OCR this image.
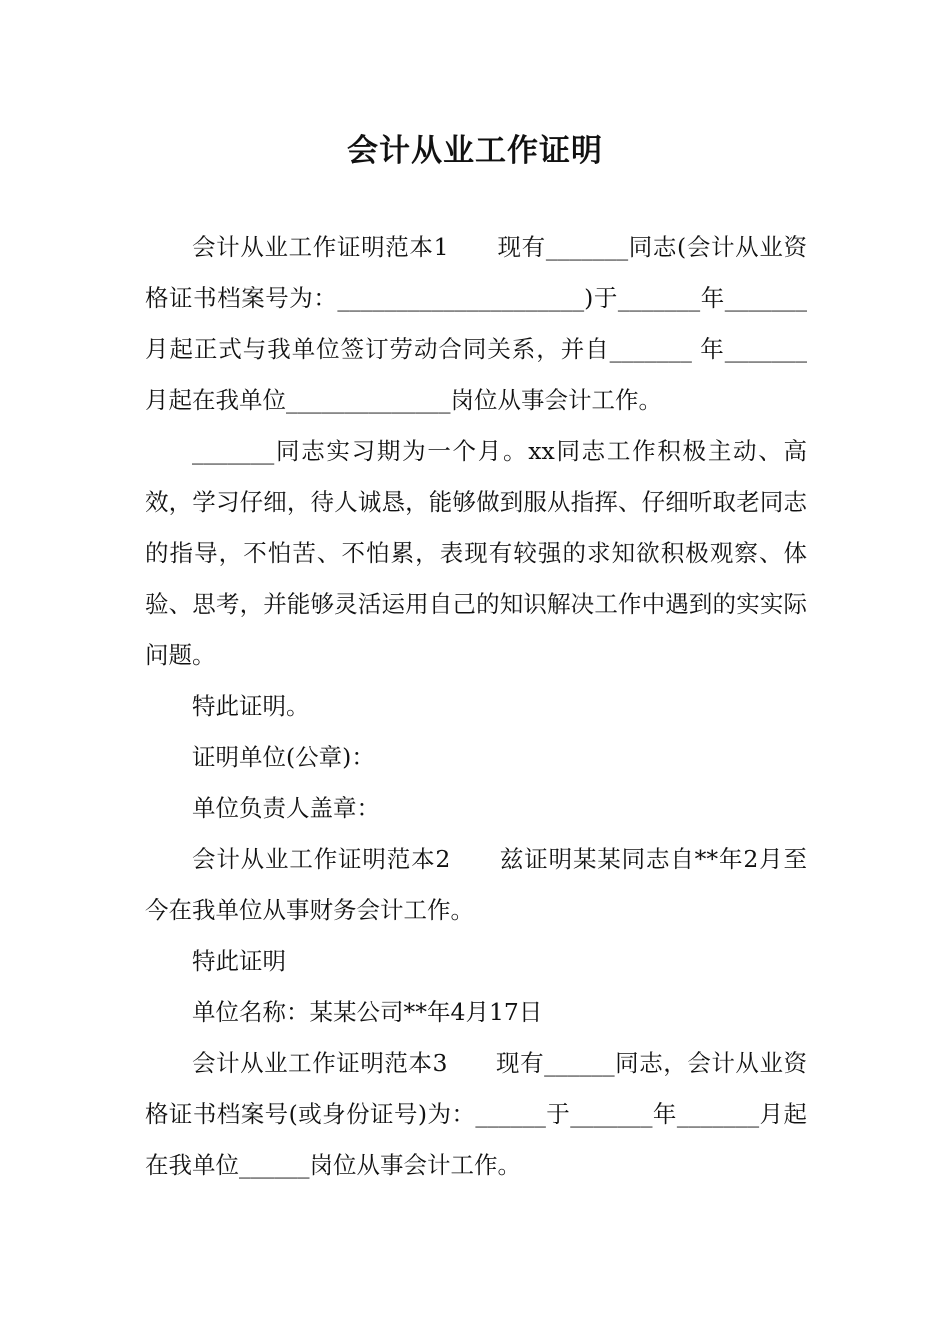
会计从业工作证明

会计从业工作证明范本1　　现有_______同志(会计从业资格证书档案号为：_____________________)于_______年_______月起正式与我单位签订劳动合同关系，并自_______ 年_______ 月起在我单位______________岗位从事会计工作。

_______同志实习期为一个月。xx同志工作积极主动、高效，学习仔细，待人诚恳，能够做到服从指挥、仔细听取老同志的指导，不怕苦、不怕累，表现有较强的求知欲积极观察、体验、思考，并能够灵活运用自己的知识解决工作中遇到的实实际问题。

特此证明。

证明单位(公章)：

单位负责人盖章：

会计从业工作证明范本2　　兹证明某某同志自**年2月至今在我单位从事财务会计工作。

特此证明

单位名称：某某公司**年4月17日

会计从业工作证明范本3　　现有______同志，会计从业资格证书档案号(或身份证号)为：______于_______年_______月起在我单位______岗位从事会计工作。
